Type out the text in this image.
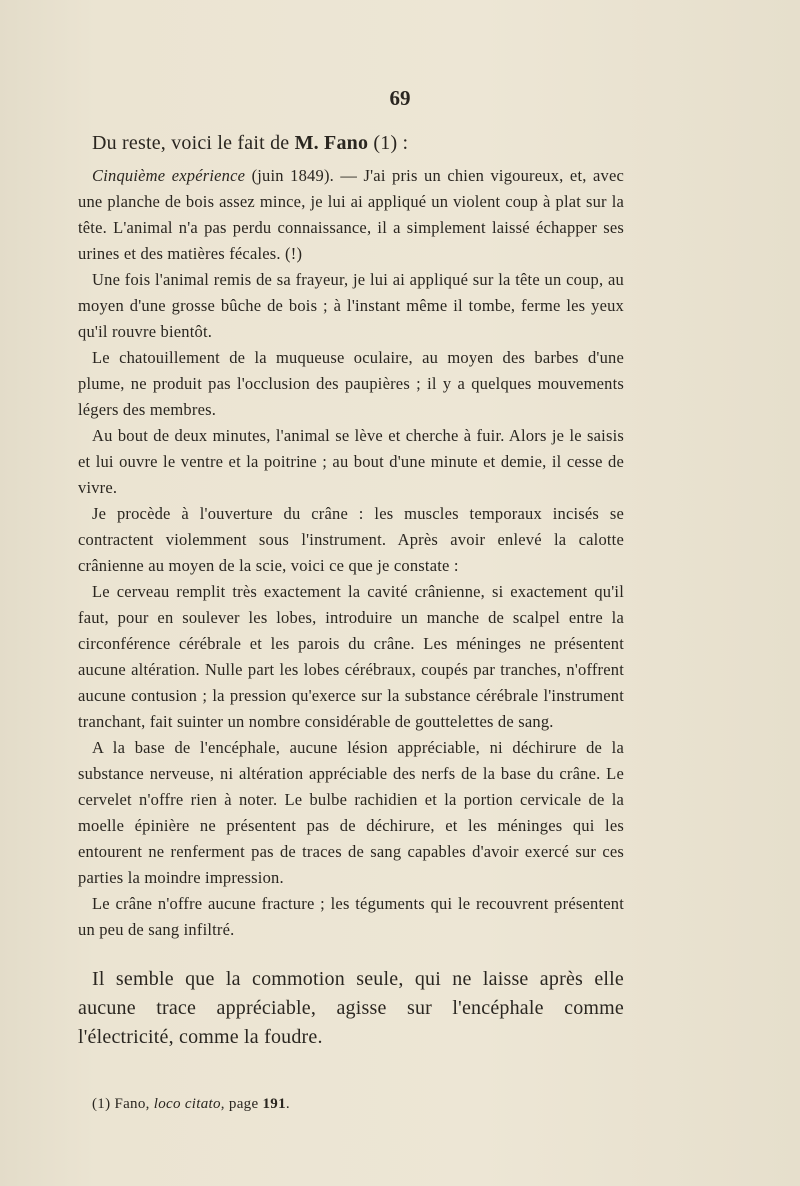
69

Du reste, voici le fait de M. Fano (1) :

Cinquième expérience (juin 1849). — J'ai pris un chien vigoureux, et, avec une planche de bois assez mince, je lui ai appliqué un violent coup à plat sur la tête. L'animal n'a pas perdu connaissance, il a simplement laissé échapper ses urines et des matières fécales. (!)

Une fois l'animal remis de sa frayeur, je lui ai appliqué sur la tête un coup, au moyen d'une grosse bûche de bois ; à l'instant même il tombe, ferme les yeux qu'il rouvre bientôt.

Le chatouillement de la muqueuse oculaire, au moyen des barbes d'une plume, ne produit pas l'occlusion des paupières ; il y a quelques mouvements légers des membres.

Au bout de deux minutes, l'animal se lève et cherche à fuir. Alors je le saisis et lui ouvre le ventre et la poitrine ; au bout d'une minute et demie, il cesse de vivre.

Je procède à l'ouverture du crâne : les muscles temporaux incisés se contractent violemment sous l'instrument. Après avoir enlevé la calotte crânienne au moyen de la scie, voici ce que je constate :

Le cerveau remplit très exactement la cavité crânienne, si exactement qu'il faut, pour en soulever les lobes, introduire un manche de scalpel entre la circonférence cérébrale et les parois du crâne. Les méninges ne présentent aucune altération. Nulle part les lobes cérébraux, coupés par tranches, n'offrent aucune contusion ; la pression qu'exerce sur la substance cérébrale l'instrument tranchant, fait suinter un nombre considérable de gouttelettes de sang.

A la base de l'encéphale, aucune lésion appréciable, ni déchirure de la substance nerveuse, ni altération appréciable des nerfs de la base du crâne. Le cervelet n'offre rien à noter. Le bulbe rachidien et la portion cervicale de la moelle épinière ne présentent pas de déchirure, et les méninges qui les entourent ne renferment pas de traces de sang capables d'avoir exercé sur ces parties la moindre impression.

Le crâne n'offre aucune fracture ; les téguments qui le recouvrent présentent un peu de sang infiltré.

Il semble que la commotion seule, qui ne laisse après elle aucune trace appréciable, agisse sur l'encéphale comme l'électricité, comme la foudre.

(1) Fano, loco citato, page 191.
